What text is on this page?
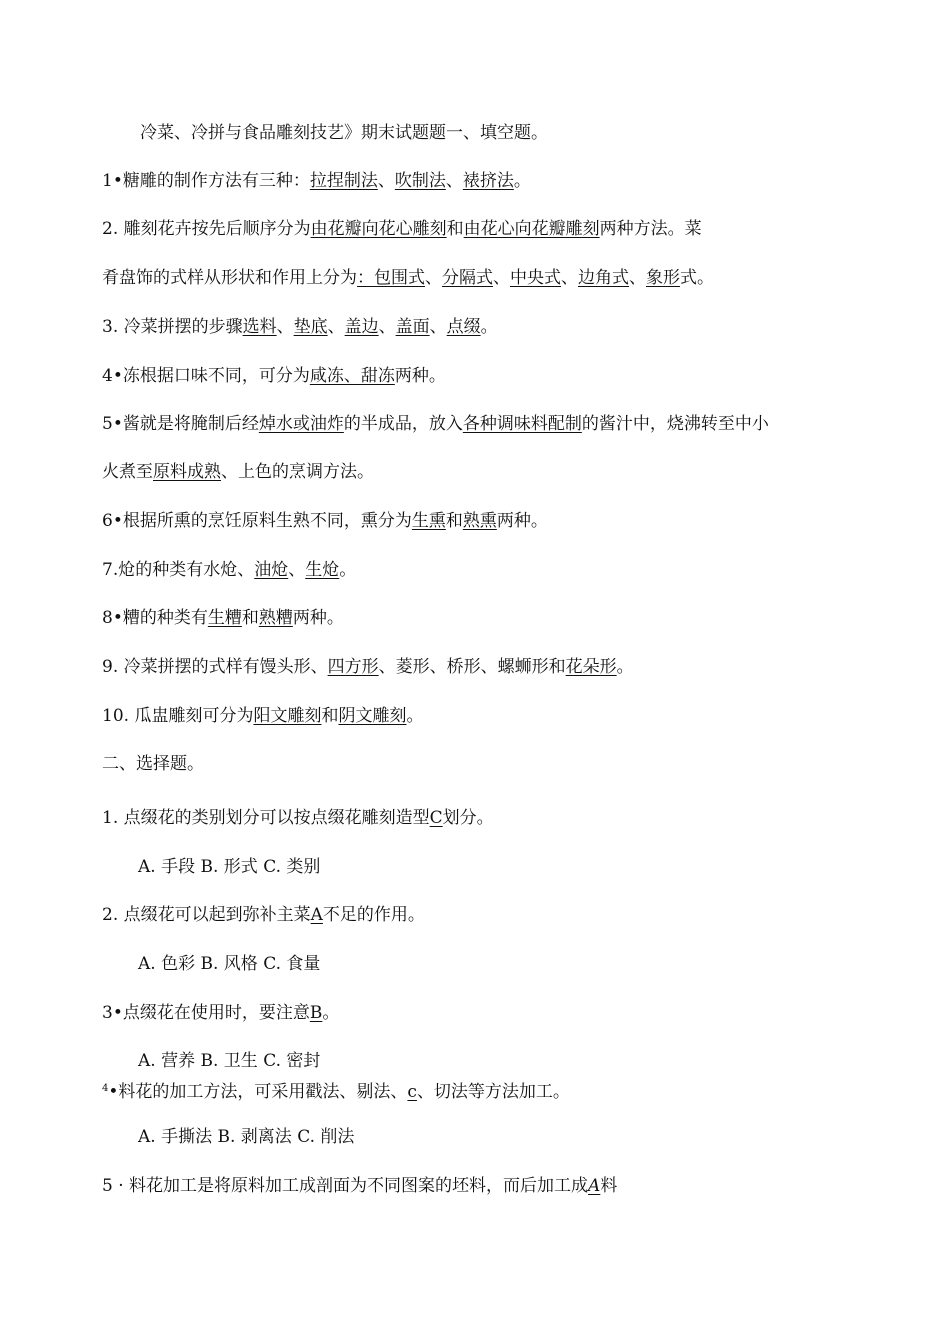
冷菜、冷拼与食品雕刻技艺》期末试题题一、填空题。
1•糖雕的制作方法有三种：拉捏制法、吹制法、裱挤法。
2. 雕刻花卉按先后顺序分为由花瓣向花心雕刻和由花心向花瓣雕刻两种方法。菜
肴盘饰的式样从形状和作用上分为：包围式、分隔式、中央式、边角式、象形式。
3. 冷菜拼摆的步骤选料、垫底、盖边、盖面、点缀。
4•冻根据口味不同，可分为咸冻、甜冻两种。
5•酱就是将腌制后经焯水或油炸的半成品，放入各种调味料配制的酱汁中，烧沸转至中小
火煮至原料成熟、上色的烹调方法。
6•根据所熏的烹饪原料生熟不同，熏分为生熏和熟熏两种。
7.炝的种类有水炝、油炝、生炝。
8•糟的种类有生糟和熟糟两种。
9. 冷菜拼摆的式样有馒头形、四方形、菱形、桥形、螺蛳形和花朵形。
10. 瓜盅雕刻可分为阳文雕刻和阴文雕刻。
二、选择题。
1. 点缀花的类别划分可以按点缀花雕刻造型C划分。
A. 手段 B. 形式 C. 类别
2. 点缀花可以起到弥补主菜A不足的作用。
A. 色彩 B. 风格 C. 食量
3•点缀花在使用时，要注意B。
A. 营养 B. 卫生 C. 密封
$^4$•料花的加工方法，可采用戳法、剔法、c、切法等方法加工。
A. 手撕法 B. 剥离法 C. 削法
5 · 料花加工是将原料加工成剖面为不同图案的坯料，而后加工成A料
